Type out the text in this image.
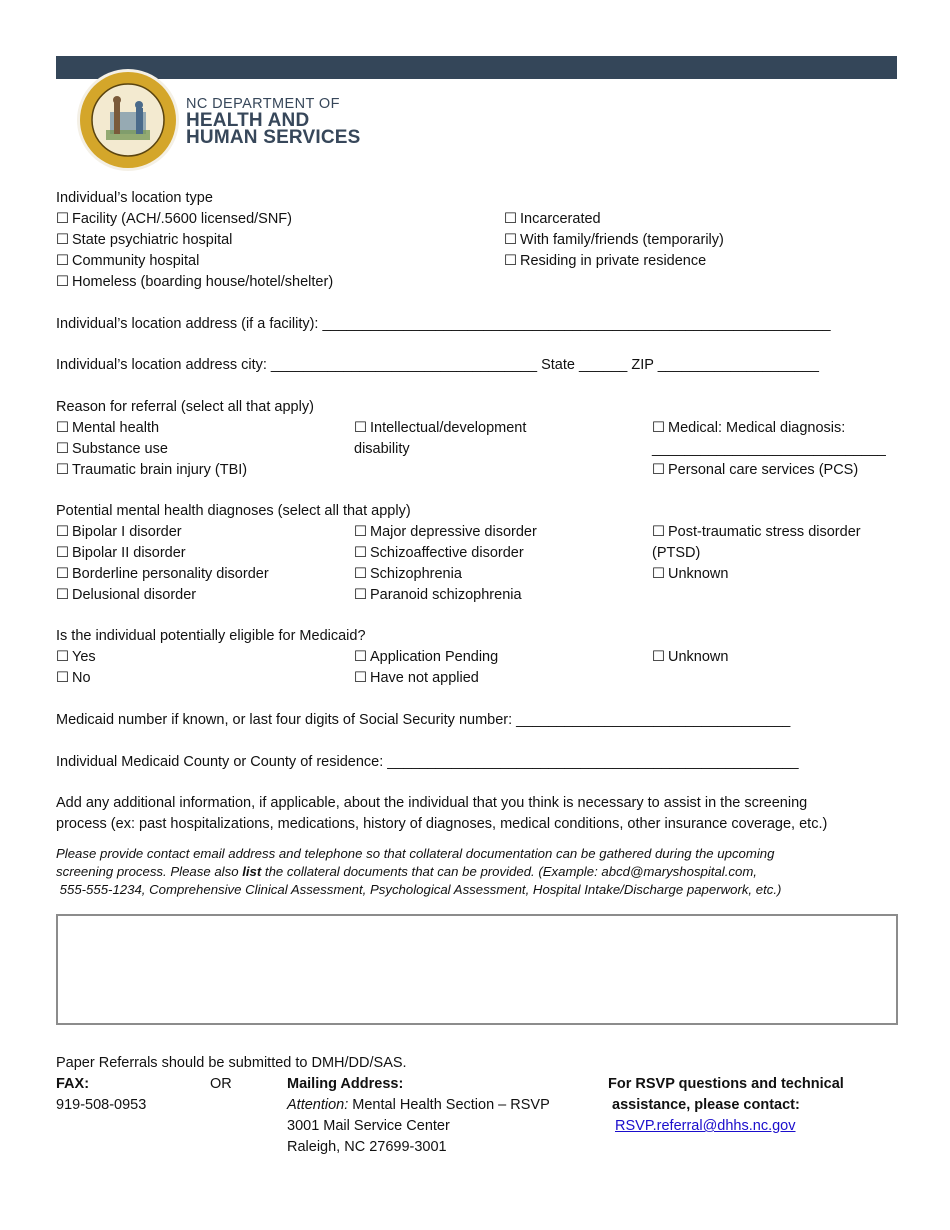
NC DEPARTMENT OF
HEALTH AND
HUMAN SERVICES
Individual’s location type
☐ Facility (ACH/.5600 licensed/SNF)
☐ State psychiatric hospital
☐ Community hospital
☐ Homeless (boarding house/hotel/shelter)
☐ Incarcerated
☐ With family/friends (temporarily)
☐ Residing in private residence
Individual’s location address (if a facility): _______________________________________________________________
Individual’s location address city: _________________________________ State ______ ZIP ____________________
Reason for referral (select all that apply)
☐ Mental health
☐ Substance use
☐ Traumatic brain injury (TBI)
☐ Intellectual/development
disability
☐ Medical: Medical diagnosis:
_____________________________
☐ Personal care services (PCS)
Potential mental health diagnoses (select all that apply)
☐ Bipolar I disorder
☐ Bipolar II disorder
☐ Borderline personality disorder
☐ Delusional disorder
☐ Major depressive disorder
☐ Schizoaffective disorder
☐ Schizophrenia
☐ Paranoid schizophrenia
☐ Post-traumatic stress disorder
(PTSD)
☐ Unknown
Is the individual potentially eligible for Medicaid?
☐ Yes
☐ No
☐ Application Pending
☐ Have not applied
☐ Unknown
Medicaid number if known, or last four digits of Social Security number: __________________________________
Individual Medicaid County or County of residence: ___________________________________________________
Add any additional information, if applicable, about the individual that you think is necessary to assist in the screening
process (ex: past hospitalizations, medications, history of diagnoses, medical conditions, other insurance coverage, etc.)
Please provide contact email address and telephone so that collateral documentation can be gathered during the upcoming
screening process. Please also list the collateral documents that can be provided. (Example: abcd@maryshospital.com,
555-555-1234, Comprehensive Clinical Assessment, Psychological Assessment, Hospital Intake/Discharge paperwork, etc.)
Paper Referrals should be submitted to DMH/DD/SAS.
FAX:
919-508-0953
OR	Mailing Address:
Attention: Mental Health Section – RSVP
3001 Mail Service Center
Raleigh, NC 27699-3001
For RSVP questions and technical
assistance, please contact:
RSVP.referral@dhhs.nc.gov
